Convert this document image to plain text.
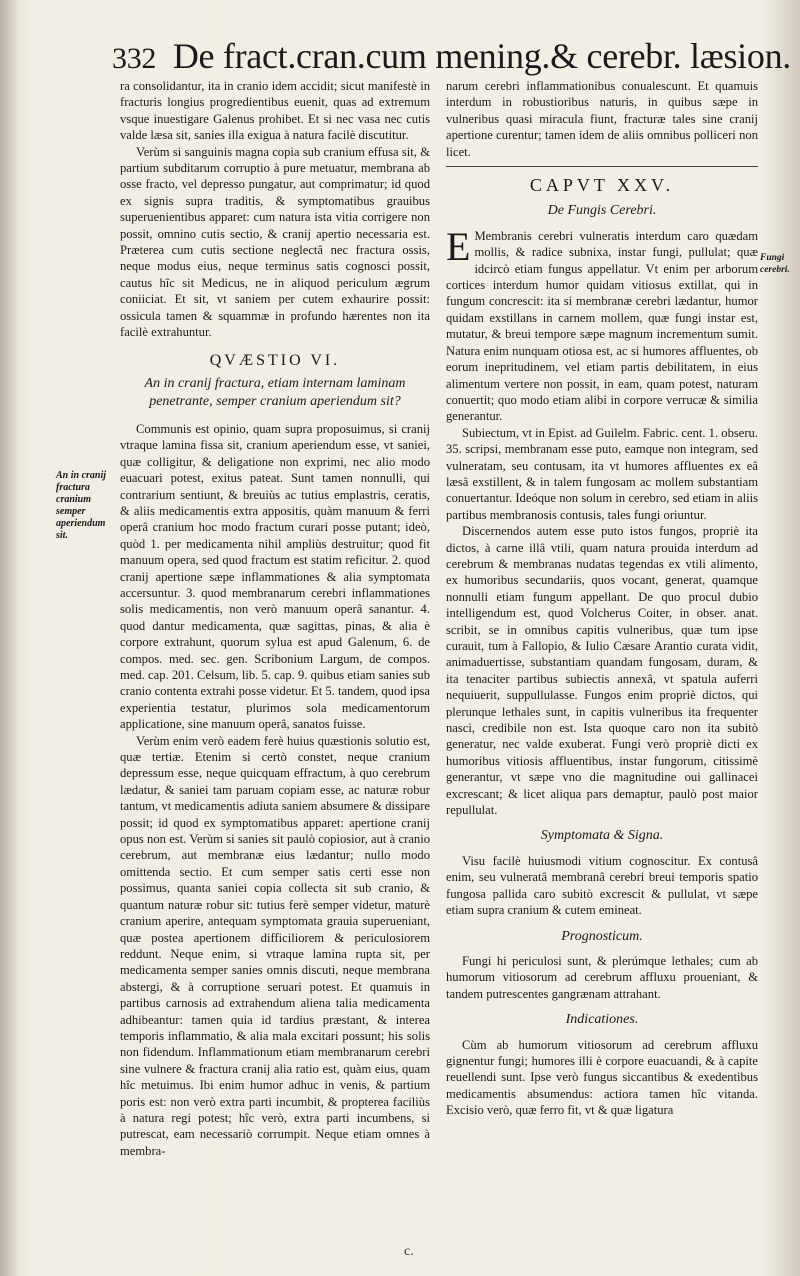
332 De fract.cran.cum mening.& cerebr. læsion.
An in cranij fractura cranium semper aperiendum sit.
Fungi cerebri.

ra consolidantur, ita in cranio idem accidit; sicut manifestè in fracturis longius progredientibus euenit, quas ad extremum vsque inuestigare Galenus prohibet. Et si nec vasa nec cutis valde læsa sit, sanies illa exigua à natura facilè discutitur.

Verùm si sanguinis magna copia sub cranium effusa sit, & partium subditarum corruptio à pure metuatur, membrana ab osse fracto, vel depresso pungatur, aut comprimatur; id quod ex signis supra traditis, & symptomatibus grauibus superuenientibus apparet: cum natura ista vitia corrigere non possit, omnino cutis sectio, & cranij apertio necessaria est. Præterea cum cutis sectione neglectâ nec fractura ossis, neque modus eius, neque terminus satis cognosci possit, cautus hîc sit Medicus, ne in aliquod periculum ægrum coniiciat. Et sit, vt saniem per cutem exhaurire possit: ossicula tamen & squammæ in profundo hærentes non ita facilè extrahuntur.

QVÆSTIO VI.
An in cranij fractura, etiam internam laminam penetrante, semper cranium aperiendum sit?

Communis est opinio, quam supra proposuimus, si cranij vtraque lamina fissa sit, cranium aperiendum esse, vt saniei, quæ colligitur, & deligatione non exprimi, nec alio modo euacuari potest, exitus pateat. Sunt tamen nonnulli, qui contrarium sentiunt, & breuiùs ac tutius emplastris, ceratis, & aliis medicamentis extra appositis, quàm manuum & ferri operâ cranium hoc modo fractum curari posse putant; ideò, quòd 1. per medicamenta nihil ampliùs destruitur; quod fit manuum opera, sed quod fractum est statim reficitur. 2. quod cranij apertione sæpe inflammationes & alia symptomata accersuntur. 3. quod membranarum cerebri inflammationes solis medicamentis, non verò manuum operâ sanantur. 4. quod dantur medicamenta, quæ sagittas, pinas, & alia è corpore extrahunt, quorum sylua est apud Galenum, 6. de compos. med. sec. gen. Scribonium Largum, de compos. med. cap. 201. Celsum, lib. 5. cap. 9. quibus etiam sanies sub cranio contenta extrahi posse videtur. Et 5. tandem, quod ipsa experientia testatur, plurimos sola medicamentorum applicatione, sine manuum operâ, sanatos fuisse.

Verùm enim verò eadem ferè huius quæstionis solutio est, quæ tertiæ. Etenim si certò constet, neque cranium depressum esse, neque quicquam effractum, à quo cerebrum lædatur, & saniei tam paruam copiam esse, ac naturæ robur tantum, vt medicamentis adiuta saniem absumere & dissipare possit; id quod ex symptomatibus apparet: apertione cranij opus non est. Verùm si sanies sit paulò copiosior, aut à cranio cerebrum, aut membranæ eius lædantur; nullo modo omittenda sectio. Et cum semper satis certi esse non possimus, quanta saniei copia collecta sit sub cranio, & quantum naturæ robur sit: tutius ferè semper videtur, maturè cranium aperire, antequam symptomata grauia superueniant, quæ postea apertionem difficiliorem & periculosiorem reddunt. Neque enim, si vtraque lamina rupta sit, per medicamenta semper sanies omnis discuti, neque membrana abstergi, & à corruptione seruari potest. Et quamuis in partibus carnosis ad extrahendum aliena talia medicamenta adhibeantur: tamen quia id tardius præstant, & interea temporis inflammatio, & alia mala excitari possunt; his solis non fidendum. Inflammationum etiam membranarum cerebri sine vulnere & fractura cranij alia ratio est, quàm eius, quam hîc metuimus. Ibi enim humor adhuc in venis, & partium poris est: non verò extra parti incumbit, & propterea faciliùs à natura regi potest; hîc verò, extra parti incumbens, si putrescat, eam necessariò corrumpit. Neque etiam omnes à membra-

narum cerebri inflammationibus conualescunt. Et quamuis interdum in robustioribus naturis, in quibus sæpe in vulneribus quasi miracula fiunt, fracturæ tales sine cranij apertione curentur; tamen idem de aliis omnibus polliceri non licet.

CAPVT XXV.
De Fungis Cerebri.

E Membranis cerebri vulneratis interdum caro quædam mollis, & radice subnixa, instar fungi, pullulat; quæ idcircò etiam fungus appellatur. Vt enim per arborum cortices interdum humor quidam vitiosus extillat, qui in fungum concrescit: ita si membranæ cerebri lædantur, humor quidam exstillans in carnem mollem, quæ fungi instar est, mutatur, & breui tempore sæpe magnum incrementum sumit. Natura enim nunquam otiosa est, ac si humores affluentes, ob eorum inepritudinem, vel etiam partis debilitatem, in eius alimentum vertere non possit, in eam, quam potest, naturam conuertit; quo modo etiam alibi in corpore verrucæ & similia generantur.

Subiectum, vt in Epist. ad Guilelm. Fabric. cent. 1. obseru. 35. scripsi, membranam esse puto, eamque non integram, sed vulneratam, seu contusam, ita vt humores affluentes ex eâ læsâ exstillent, & in talem fungosam ac mollem substantiam conuertantur. Ideóque non solum in cerebro, sed etiam in aliis partibus membranosis contusis, tales fungi oriuntur.

Discernendos autem esse puto istos fungos, propriè ita dictos, à carne illâ vtili, quam natura prouida interdum ad cerebrum & membranas nudatas tegendas ex vtili alimento, ex humoribus secundariis, quos vocant, generat, quamque nonnulli etiam fungum appellant. De quo procul dubio intelligendum est, quod Volcherus Coiter, in obser. anat. scribit, se in omnibus capitis vulneribus, quæ tum ipse curauit, tum à Fallopio, & Iulio Cæsare Arantio curata vidit, animaduertisse, substantiam quandam fungosam, duram, & ita tenaciter partibus subiectis annexâ, vt spatula auferri nequiuerit, suppullulasse. Fungos enim propriè dictos, qui plerunque lethales sunt, in capitis vulneribus ita frequenter nasci, credibile non est. Ista quoque caro non ita subitò generatur, nec valde exuberat. Fungi verò propriè dicti ex humoribus vitiosis affluentibus, instar fungorum, citissimè generantur, vt sæpe vno die magnitudine oui gallinacei excrescant; & licet aliqua pars demaptur, paulò post maior repullulat.

Symptomata & Signa.

Visu facilè huiusmodi vitium cognoscitur. Ex contusâ enim, seu vulneratâ membranâ cerebri breui temporis spatio fungosa pallida caro subitò excrescit & pullulat, vt sæpe etiam supra cranium & cutem emineat.

Prognosticum.

Fungi hi periculosi sunt, & plerúmque lethales; cum ab humorum vitiosorum ad cerebrum affluxu proueniant, & tandem putrescentes gangrænam attrahant.

Indicationes.

Cùm ab humorum vitiosorum ad cerebrum affluxu gignentur fungi; humores illi è corpore euacuandi, & à capite reuellendi sunt. Ipse verò fungus siccantibus & exedentibus medicamentis absumendus: actiora tamen hîc vitanda. Excisio verò, quæ ferro fit, vt & quæ ligatura

c.
